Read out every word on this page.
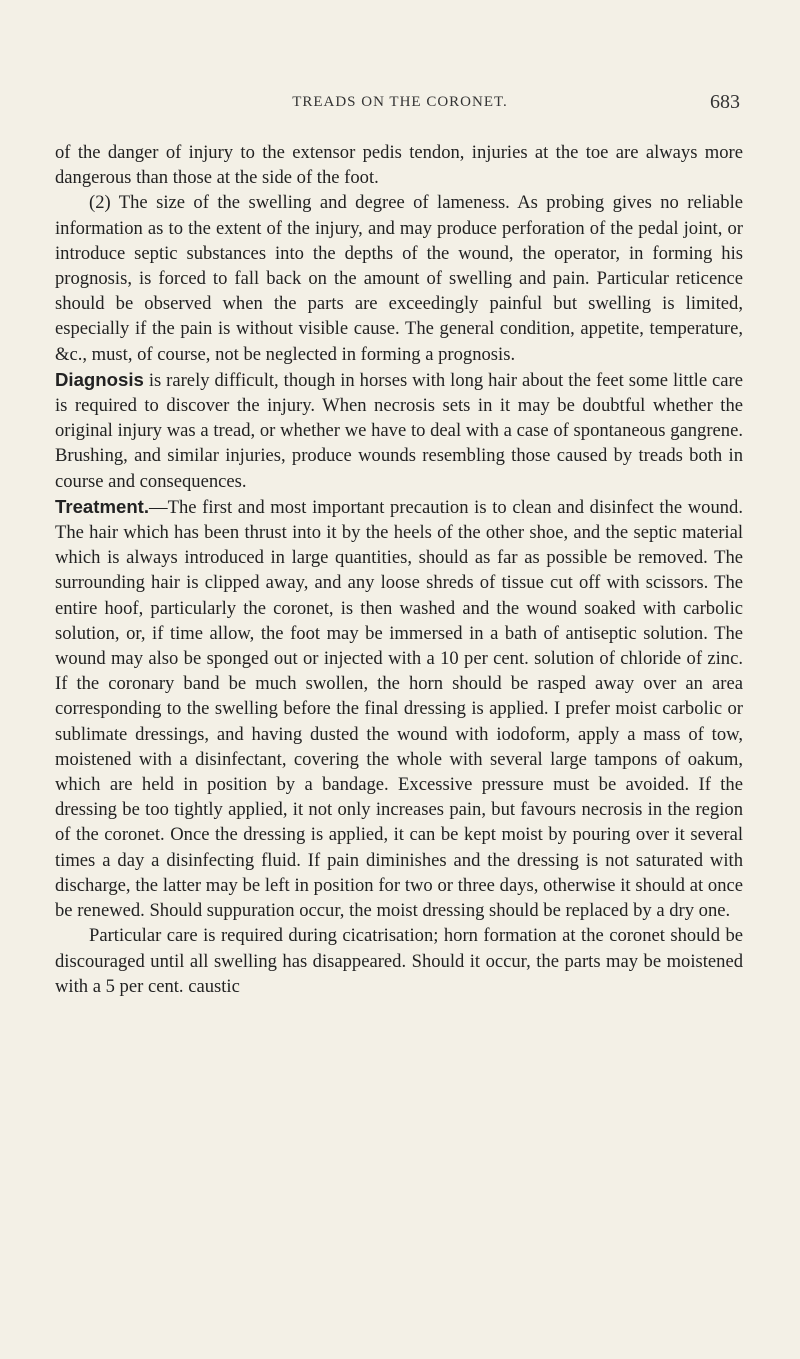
TREADS ON THE CORONET.	683

of the danger of injury to the extensor pedis tendon, injuries at the toe are always more dangerous than those at the side of the foot.

(2) The size of the swelling and degree of lameness. As probing gives no reliable information as to the extent of the injury, and may produce perforation of the pedal joint, or introduce septic substances into the depths of the wound, the operator, in forming his prognosis, is forced to fall back on the amount of swelling and pain. Particular reticence should be observed when the parts are exceedingly painful but swelling is limited, especially if the pain is without visible cause. The general condition, appetite, temperature, &c., must, of course, not be neglected in forming a prognosis.

Diagnosis is rarely difficult, though in horses with long hair about the feet some little care is required to discover the injury. When necrosis sets in it may be doubtful whether the original injury was a tread, or whether we have to deal with a case of spontaneous gangrene. Brushing, and similar injuries, produce wounds resembling those caused by treads both in course and consequences.

Treatment.—The first and most important precaution is to clean and disinfect the wound. The hair which has been thrust into it by the heels of the other shoe, and the septic material which is always introduced in large quantities, should as far as possible be removed. The surrounding hair is clipped away, and any loose shreds of tissue cut off with scissors. The entire hoof, particularly the coronet, is then washed and the wound soaked with carbolic solution, or, if time allow, the foot may be immersed in a bath of antiseptic solution. The wound may also be sponged out or injected with a 10 per cent. solution of chloride of zinc. If the coronary band be much swollen, the horn should be rasped away over an area corresponding to the swelling before the final dressing is applied. I prefer moist carbolic or sublimate dressings, and having dusted the wound with iodoform, apply a mass of tow, moistened with a disinfectant, covering the whole with several large tampons of oakum, which are held in position by a bandage. Excessive pressure must be avoided. If the dressing be too tightly applied, it not only increases pain, but favours necrosis in the region of the coronet. Once the dressing is applied, it can be kept moist by pouring over it several times a day a disinfecting fluid. If pain diminishes and the dressing is not saturated with discharge, the latter may be left in position for two or three days, otherwise it should at once be renewed. Should suppuration occur, the moist dressing should be replaced by a dry one.

Particular care is required during cicatrisation; horn formation at the coronet should be discouraged until all swelling has disappeared. Should it occur, the parts may be moistened with a 5 per cent. caustic
